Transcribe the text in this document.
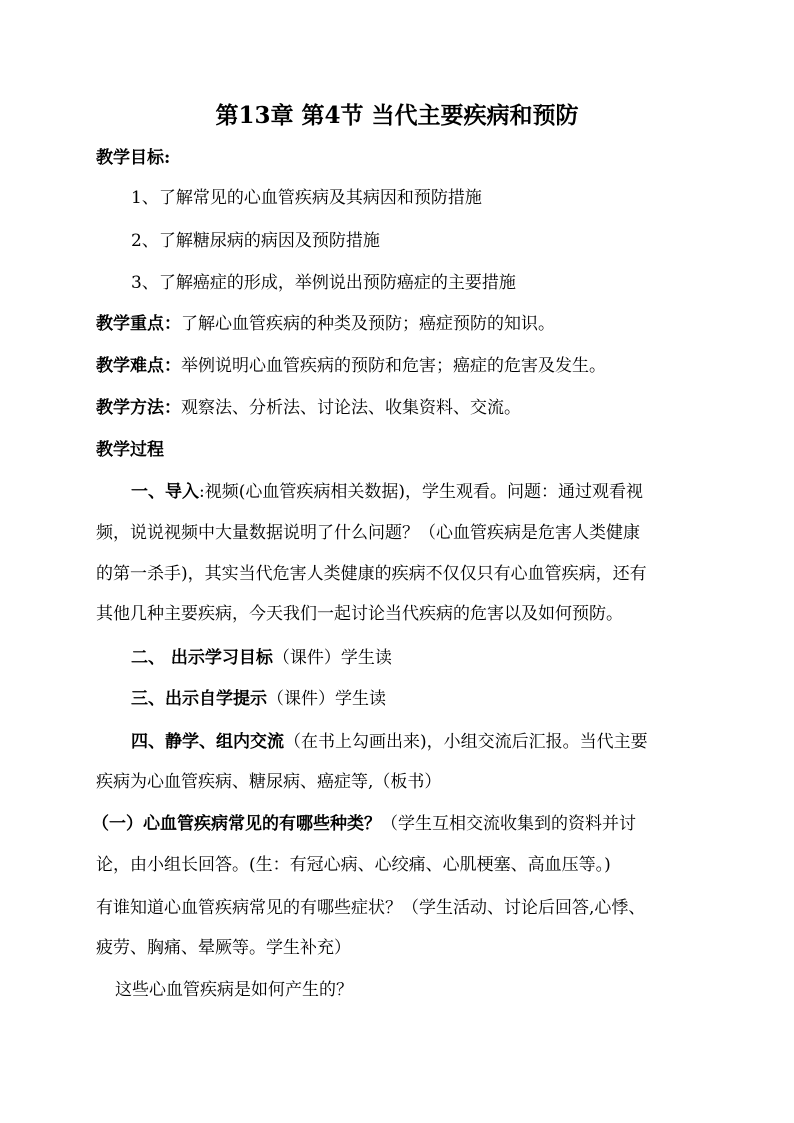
第13章 第4节 当代主要疾病和预防
教学目标:
1、了解常见的心血管疾病及其病因和预防措施
2、了解糖尿病的病因及预防措施
3、了解癌症的形成，举例说出预防癌症的主要措施
教学重点：了解心血管疾病的种类及预防；癌症预防的知识。
教学难点：举例说明心血管疾病的预防和危害；癌症的危害及发生。
教学方法：观察法、分析法、讨论法、收集资料、交流。
教学过程
一、导入:视频(心血管疾病相关数据)，学生观看。问题：通过观看视
频，说说视频中大量数据说明了什么问题？（心血管疾病是危害人类健康
的第一杀手)，其实当代危害人类健康的疾病不仅仅只有心血管疾病，还有
其他几种主要疾病，今天我们一起讨论当代疾病的危害以及如何预防。
二、 出示学习目标（课件）学生读
三、出示自学提示（课件）学生读
四、静学、组内交流（在书上勾画出来)，小组交流后汇报。当代主要
疾病为心血管疾病、糖尿病、癌症等,（板书）
（一）心血管疾病常见的有哪些种类？（学生互相交流收集到的资料并讨
论，由小组长回答。(生：有冠心病、心绞痛、心肌梗塞、高血压等。)
有谁知道心血管疾病常见的有哪些症状？（学生活动、讨论后回答,心悸、
疲劳、胸痛、晕厥等。学生补充）
这些心血管疾病是如何产生的？
